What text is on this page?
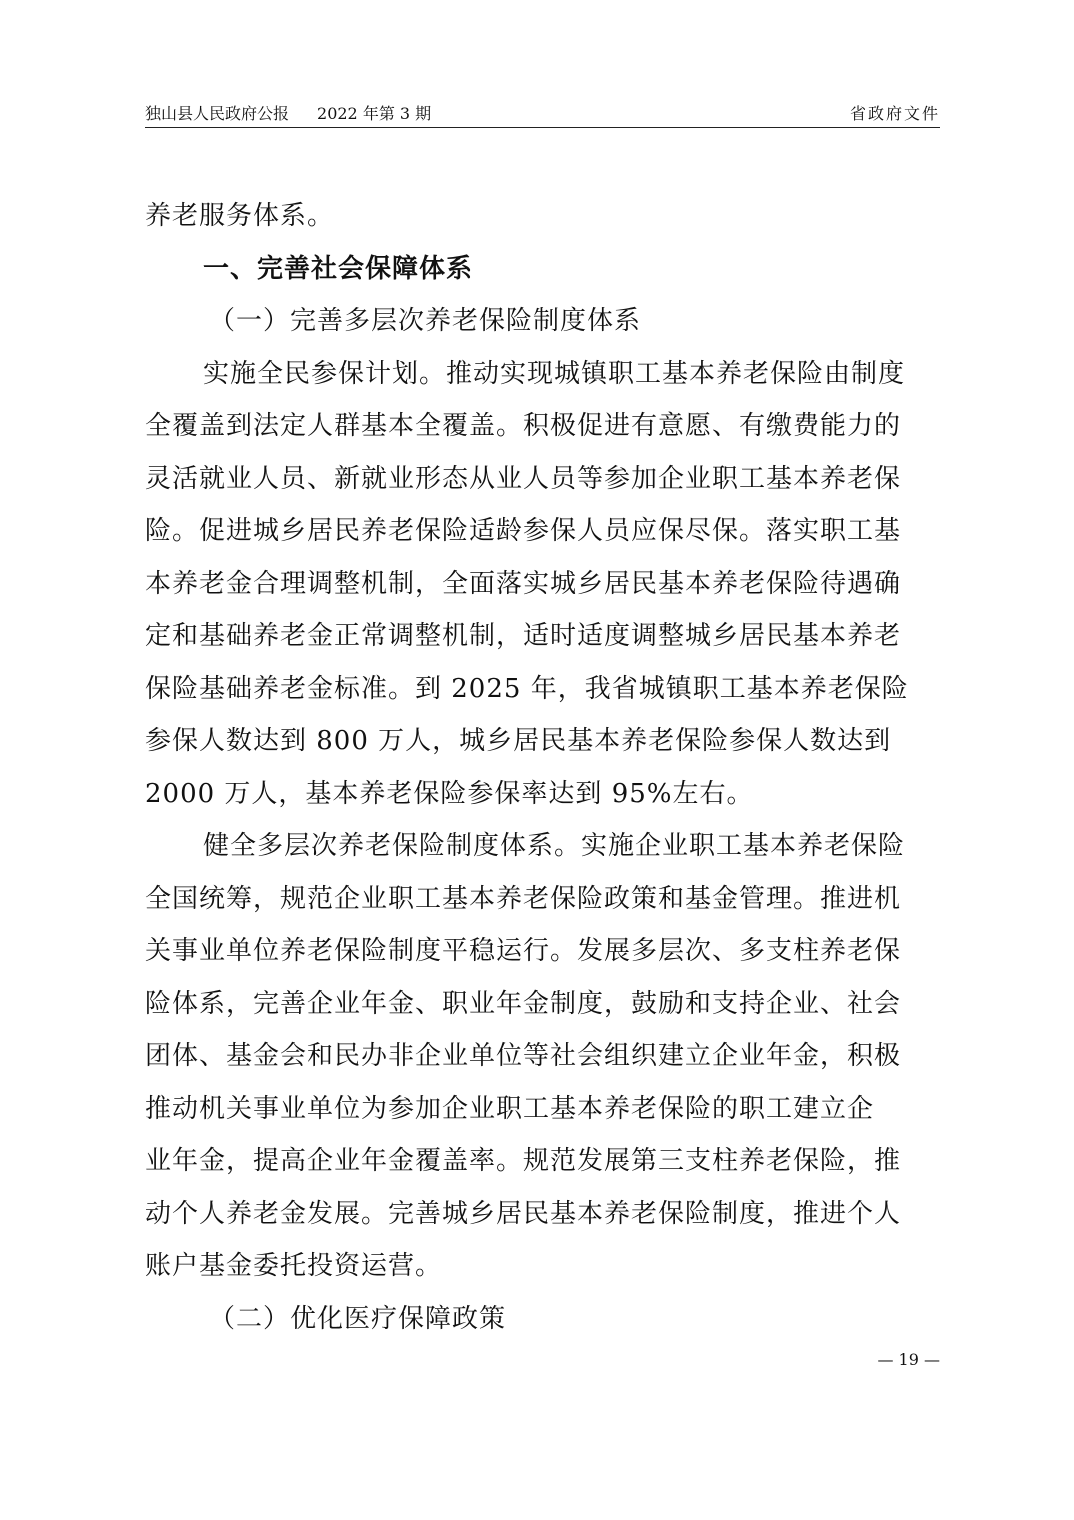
独山县人民政府公报 2022 年第 3 期	省政府文件
养老服务体系。
一、完善社会保障体系
（一）完善多层次养老保险制度体系
实施全民参保计划。推动实现城镇职工基本养老保险由制度
全覆盖到法定人群基本全覆盖。积极促进有意愿、有缴费能力的
灵活就业人员、新就业形态从业人员等参加企业职工基本养老保
险。促进城乡居民养老保险适龄参保人员应保尽保。落实职工基
本养老金合理调整机制，全面落实城乡居民基本养老保险待遇确
定和基础养老金正常调整机制，适时适度调整城乡居民基本养老
保险基础养老金标准。到 2025 年，我省城镇职工基本养老保险
参保人数达到 800 万人，城乡居民基本养老保险参保人数达到
2000 万人，基本养老保险参保率达到 95%左右。
健全多层次养老保险制度体系。实施企业职工基本养老保险
全国统筹，规范企业职工基本养老保险政策和基金管理。推进机
关事业单位养老保险制度平稳运行。发展多层次、多支柱养老保
险体系，完善企业年金、职业年金制度，鼓励和支持企业、社会
团体、基金会和民办非企业单位等社会组织建立企业年金，积极
推动机关事业单位为参加企业职工基本养老保险的职工建立企
业年金，提高企业年金覆盖率。规范发展第三支柱养老保险，推
动个人养老金发展。完善城乡居民基本养老保险制度，推进个人
账户基金委托投资运营。
（二）优化医疗保障政策
— 19 —
